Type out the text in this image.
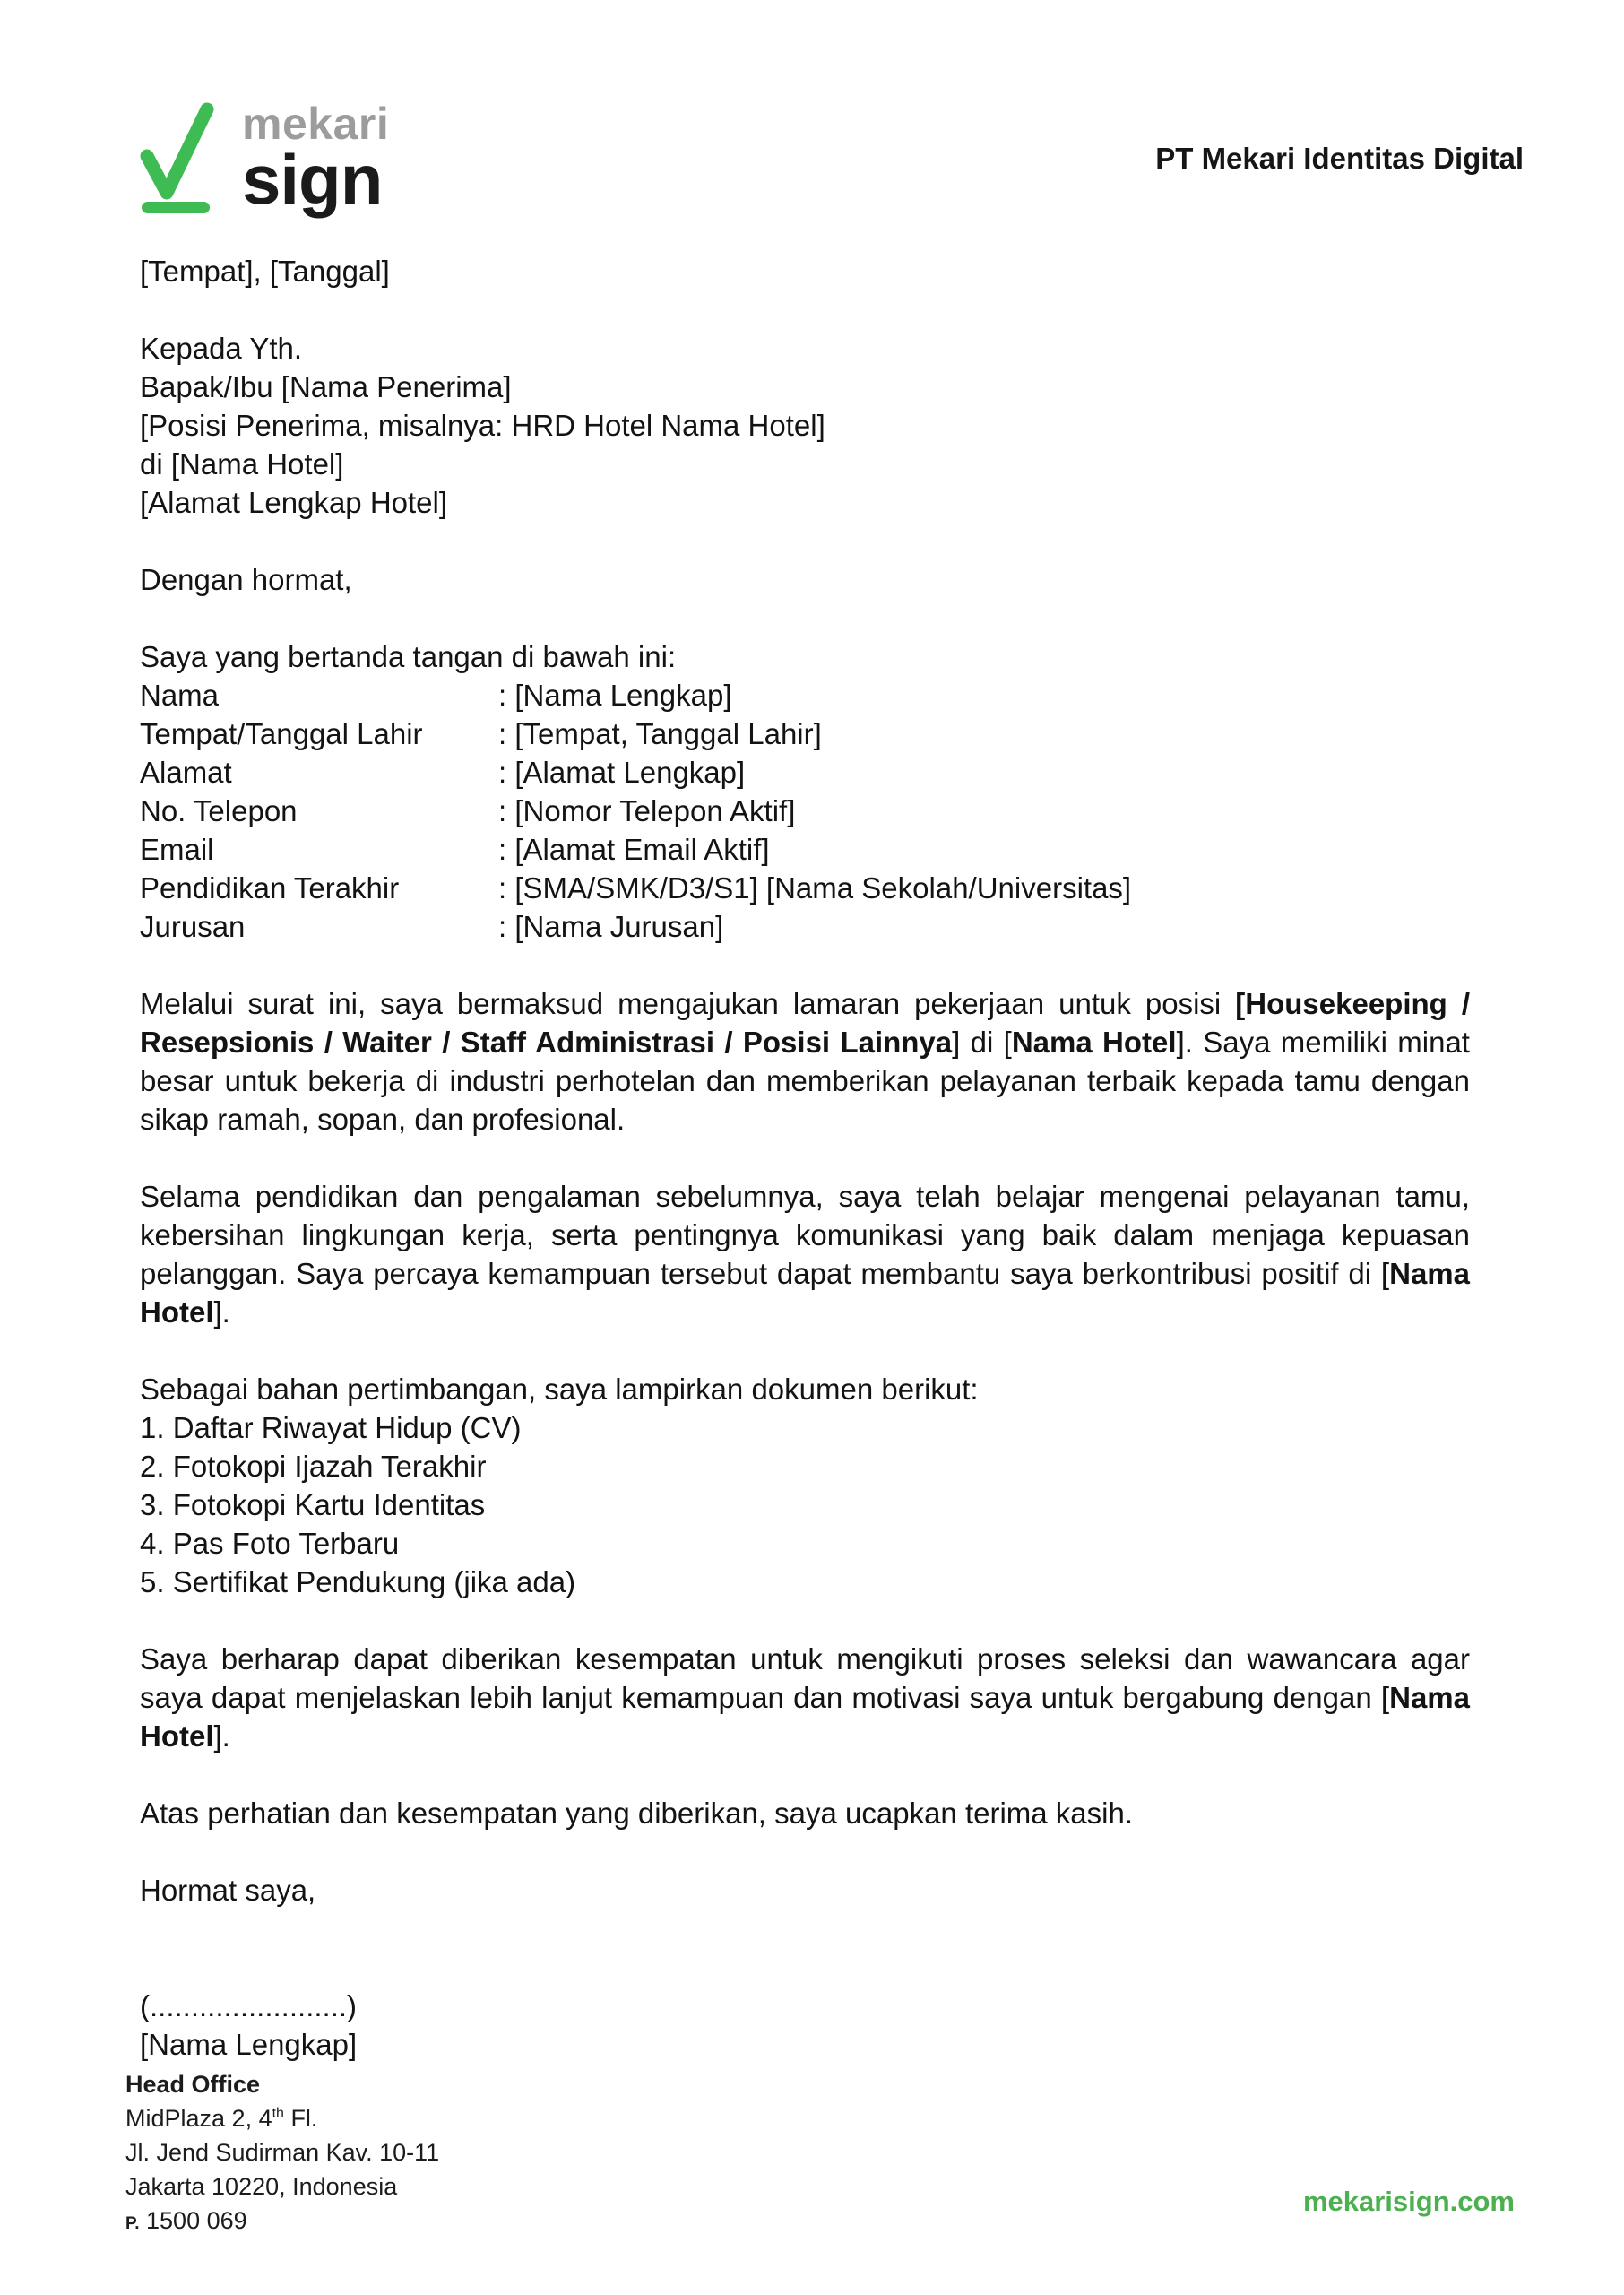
mekari
sign	PT Mekari Identitas Digital
[Tempat], [Tanggal]
Kepada Yth.
Bapak/Ibu [Nama Penerima]
[Posisi Penerima, misalnya: HRD Hotel Nama Hotel]
di [Nama Hotel]
[Alamat Lengkap Hotel]
Dengan hormat,
Saya yang bertanda tangan di bawah ini:
Nama	: [Nama Lengkap]
Tempat/Tanggal Lahir	: [Tempat, Tanggal Lahir]
Alamat	: [Alamat Lengkap]
No. Telepon	: [Nomor Telepon Aktif]
Email	: [Alamat Email Aktif]
Pendidikan Terakhir	: [SMA/SMK/D3/S1] [Nama Sekolah/Universitas]
Jurusan	: [Nama Jurusan]
Melalui surat ini, saya bermaksud mengajukan lamaran pekerjaan untuk posisi [Housekeeping / Resepsionis / Waiter / Staff Administrasi / Posisi Lainnya] di [Nama Hotel]. Saya memiliki minat besar untuk bekerja di industri perhotelan dan memberikan pelayanan terbaik kepada tamu dengan sikap ramah, sopan, dan profesional.
Selama pendidikan dan pengalaman sebelumnya, saya telah belajar mengenai pelayanan tamu, kebersihan lingkungan kerja, serta pentingnya komunikasi yang baik dalam menjaga kepuasan pelanggan. Saya percaya kemampuan tersebut dapat membantu saya berkontribusi positif di [Nama Hotel].
Sebagai bahan pertimbangan, saya lampirkan dokumen berikut:
1. Daftar Riwayat Hidup (CV)
2. Fotokopi Ijazah Terakhir
3. Fotokopi Kartu Identitas
4. Pas Foto Terbaru
5. Sertifikat Pendukung (jika ada)
Saya berharap dapat diberikan kesempatan untuk mengikuti proses seleksi dan wawancara agar saya dapat menjelaskan lebih lanjut kemampuan dan motivasi saya untuk bergabung dengan [Nama Hotel].
Atas perhatian dan kesempatan yang diberikan, saya ucapkan terima kasih.
Hormat saya,
(........................)
[Nama Lengkap]
Head Office
MidPlaza 2, 4th Fl.
Jl. Jend Sudirman Kav. 10-11
Jakarta 10220, Indonesia
P. 1500 069
mekarisign.com
